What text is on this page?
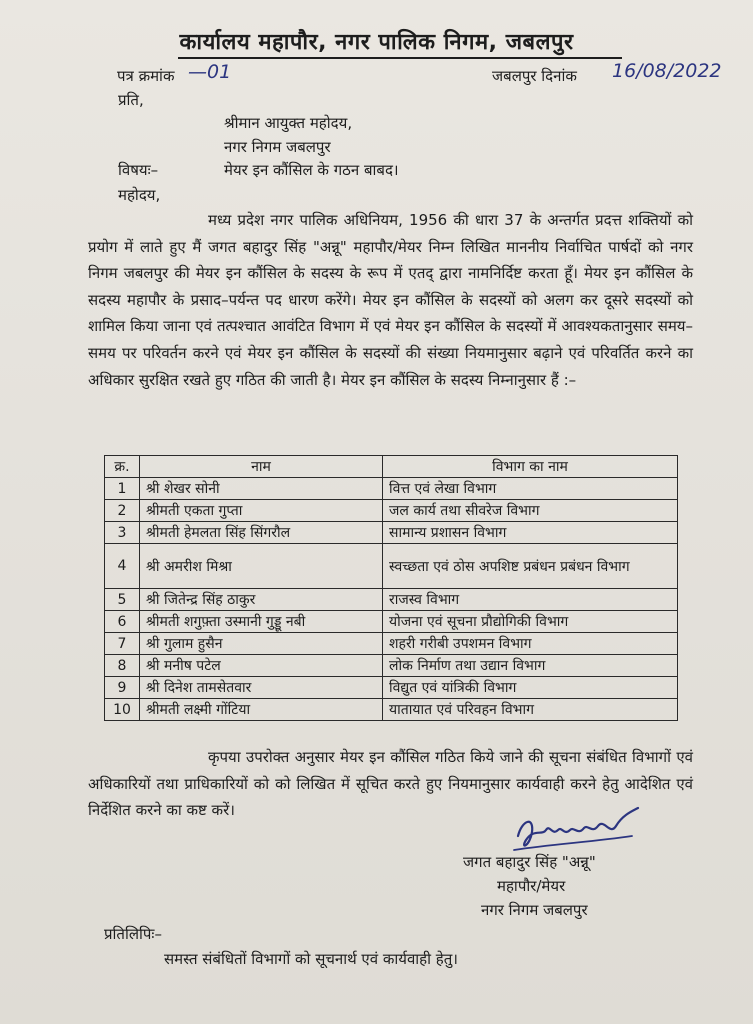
कार्यालय महापौर, नगर पालिक निगम, जबलपुर
पत्र क्रमांक —01	जबलपुर दिनांक 16/08/2022
प्रति,
श्रीमान आयुक्त महोदय,
नगर निगम जबलपुर
विषयः–	मेयर इन कौंसिल के गठन बाबद।
महोदय,
मध्य प्रदेश नगर पालिक अधिनियम, 1956 की धारा 37 के अन्तर्गत प्रदत्त शक्तियों को प्रयोग में लाते हुए मैं जगत बहादुर सिंह "अन्नू" महापौर/मेयर निम्न लिखित माननीय निर्वाचित पार्षदों को नगर निगम जबलपुर की मेयर इन कौंसिल के सदस्य के रूप में एतद् द्वारा नामनिर्दिष्ट करता हूँ। मेयर इन कौंसिल के सदस्य महापौर के प्रसाद–पर्यन्त पद धारण करेंगे। मेयर इन कौंसिल के सदस्यों को अलग कर दूसरे सदस्यों को शामिल किया जाना एवं तत्पश्चात आवंटित विभाग में एवं मेयर इन कौंसिल के सदस्यों में आवश्यकतानुसार समय–समय पर परिवर्तन करने एवं मेयर इन कौंसिल के सदस्यों की संख्या नियमानुसार बढ़ाने एवं परिवर्तित करने का अधिकार सुरक्षित रखते हुए गठित की जाती है। मेयर इन कौंसिल के सदस्य निम्नानुसार हैं :–
क्र.	नाम	विभाग का नाम
1	श्री शेखर सोनी	वित्त एवं लेखा विभाग
2	श्रीमती एकता गुप्ता	जल कार्य तथा सीवरेज विभाग
3	श्रीमती हेमलता सिंह सिंगरौल	सामान्य प्रशासन विभाग
4	श्री अमरीश मिश्रा	स्वच्छता एवं ठोस अपशिष्ट प्रबंधन प्रबंधन विभाग
5	श्री जितेन्द्र सिंह ठाकुर	राजस्व विभाग
6	श्रीमती शगुफ़्ता उस्मानी गुड्डू नबी	योजना एवं सूचना प्रौद्योगिकी विभाग
7	श्री गुलाम हुसैन	शहरी गरीबी उपशमन विभाग
8	श्री मनीष पटेल	लोक निर्माण तथा उद्यान विभाग
9	श्री दिनेश तामसेतवार	विद्युत एवं यांत्रिकी विभाग
10	श्रीमती लक्ष्मी गोंटिया	यातायात एवं परिवहन विभाग
कृपया उपरोक्त अनुसार मेयर इन कौंसिल गठित किये जाने की सूचना संबंधित विभागों एवं अधिकारियों तथा प्राधिकारियों को को लिखित में सूचित करते हुए नियमानुसार कार्यवाही करने हेतु आदेशित एवं निर्देशित करने का कष्ट करें।
जगत बहादुर सिंह "अन्नू"
महापौर/मेयर
नगर निगम जबलपुर
प्रतिलिपिः–
समस्त संबंधितों विभागों को सूचनार्थ एवं कार्यवाही हेतु।
